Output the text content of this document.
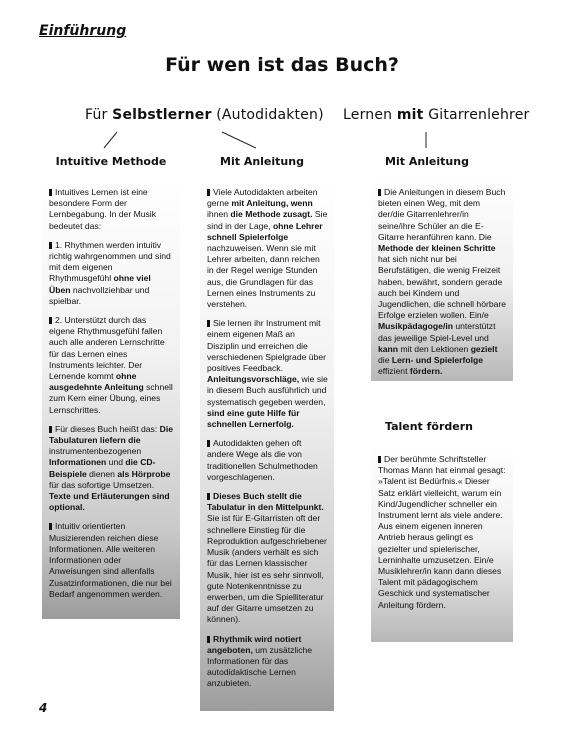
Einführung
Für wen ist das Buch?
Für Selbstlerner (Autodidakten) Lernen mit Gitarrenlehrer
Intuitive Methode	Mit Anleitung	Mit Anleitung
Talent fördern

Intuitives Lernen ist eine besondere Form der Lernbegabung. In der Musik bedeutet das:

1. Rhythmen werden intuitiv richtig wahrgenommen und sind mit dem eigenen Rhythmusgefühl ohne viel Üben nachvollziehbar und spielbar.

2. Unterstützt durch das eigene Rhythmusgefühl fallen auch alle anderen Lernschritte für das Lernen eines Instruments leichter. Der Lernende kommt ohne ausgedehnte Anleitung schnell zum Kern einer Übung, eines Lernschrittes.

Für dieses Buch heißt das: Die Tabulaturen liefern die instrumentenbezogenen Informationen und die CD-Beispiele dienen als Hörprobe für das sofortige Umsetzen. Texte und Erläuterungen sind optional.

Intuitiv orientierten Musizierenden reichen diese Informationen. Alle weiteren Informationen oder Anweisungen sind allenfalls Zusatzinformationen, die nur bei Bedarf angenommen werden.

Viele Autodidakten arbeiten gerne mit Anleitung, wenn ihnen die Methode zusagt. Sie sind in der Lage, ohne Lehrer schnell Spielerfolge nachzuweisen. Wenn sie mit Lehrer arbeiten, dann reichen in der Regel wenige Stunden aus, die Grundlagen für das Lernen eines Instruments zu verstehen.

Sie lernen ihr Instrument mit einem eigenen Maß an Disziplin und erreichen die verschiedenen Spielgrade über positives Feedback. Anleitungsvorschläge, wie sie in diesem Buch ausführlich und systematisch gegeben werden, sind eine gute Hilfe für schnellen Lernerfolg.

Autodidakten gehen oft andere Wege als die von traditionellen Schulmethoden vorgeschlagenen.

Dieses Buch stellt die Tabulatur in den Mittelpunkt. Sie ist für E-Gitarristen oft der schnellere Einstieg für die Reproduktion aufgeschriebener Musik (anders verhält es sich für das Lernen klassischer Musik, hier ist es sehr sinnvoll, gute Notenkenntnisse zu erwerben, um die Spielliteratur auf der Gitarre umsetzen zu können).

Rhythmik wird notiert angeboten, um zusätzliche Informationen für das autodidaktische Lernen anzubieten.

Die Anleitungen in diesem Buch bieten einen Weg, mit dem der/die Gitarrenlehrer/in seine/ihre Schüler an die E-Gitarre heranführen kann. Die Methode der kleinen Schritte hat sich nicht nur bei Berufstätigen, die wenig Freizeit haben, bewährt, sondern gerade auch bei Kindern und Jugendlichen, die schnell hörbare Erfolge erzielen wollen. Ein/e Musikpädagoge/in unterstützt das jeweilige Spiel-Level und kann mit den Lektionen gezielt die Lern- und Spielerfolge effizient fördern.

Der berühmte Schriftsteller Thomas Mann hat einmal gesagt: »Talent ist Bedürfnis.« Dieser Satz erklärt vielleicht, warum ein Kind/Jugendlicher schneller ein Instrument lernt als viele andere. Aus einem eigenen inneren Antrieb heraus gelingt es gezielter und spielerischer, Lerninhalte umzusetzen. Ein/e Musiklehrer/in kann dann dieses Talent mit pädagogischem Geschick und systematischer Anleitung fördern.

4
